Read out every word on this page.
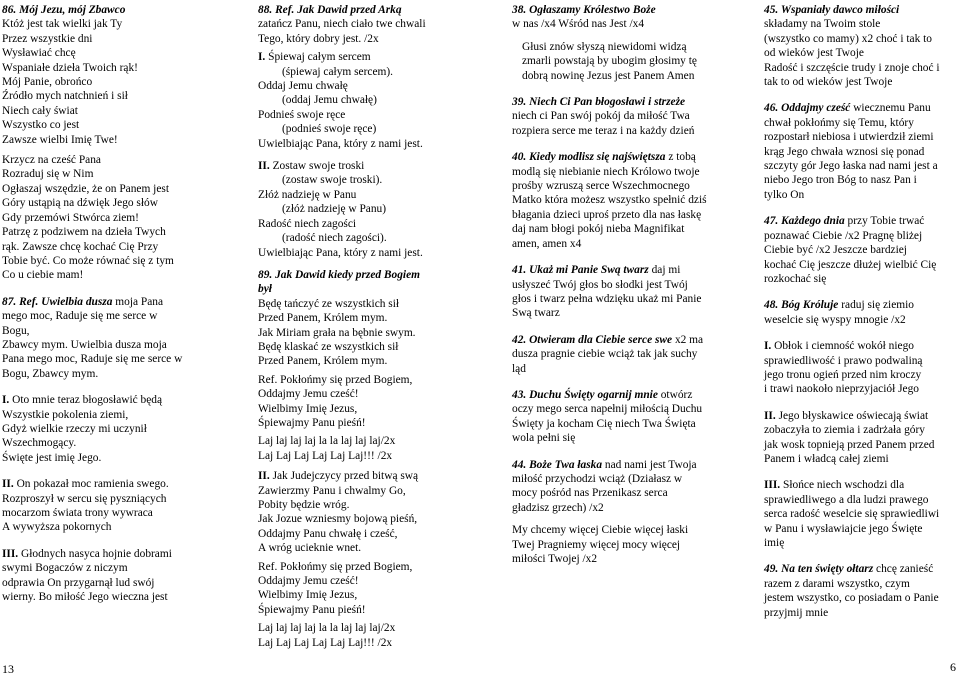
86. Mój Jezu, mój Zbawco
Któż jest tak wielki jak Ty
Przez wszystkie dni
Wysławiać chcę
Wspaniałe dzieła Twoich rąk!
Mój Panie, obrońco
Źródło mych natchnień i sił
Niech cały świat
Wszystko co jest
Zawsze wielbi Imię Twe!
Krzycz na cześć Pana
Rozraduj się w Nim
Ogłaszaj wszędzie, że on Panem jest
Góry ustąpią na dźwięk Jego słów
Gdy przemówi Stwórca ziem!
Patrzę z podziwem na dzieła Twych
rąk. Zawsze chcę kochać Cię Przy
Tobie być. Co może równać się z tym
Co u ciebie mam!

87. Ref. Uwielbia dusza moja Pana
mego moc, Raduje się me serce w
Bogu,
Zbawcy mym. Uwielbia dusza moja
Pana mego moc, Raduje się me serce w
Bogu, Zbawcy mym.

I. Oto mnie teraz błogosławić będą
Wszystkie pokolenia ziemi,
Gdyż wielkie rzeczy mi uczynił
Wszechmogący.
Święte jest imię Jego.

II. On pokazał moc ramienia swego.
Rozproszył w sercu się pyszniących
mocarzom świata trony wywraca
A wywyższa pokornych

III. Głodnych nasyca hojnie dobrami
swymi Bogaczów z niczym
odprawia On przygarnął lud swój
wierny. Bo miłość Jego wieczna jest

88. Ref. Jak Dawid przed Arką
zatańcz Panu, niech ciało twe chwali
Tego, który dobry jest. /2x

I. Śpiewaj całym sercem
(śpiewaj całym sercem).
Oddaj Jemu chwałę
(oddaj Jemu chwałę)
Podnieś swoje ręce
(podnieś swoje ręce)
Uwielbiając Pana, który z nami jest.

II. Zostaw swoje troski
(zostaw swoje troski).
Złóż nadzieję w Panu
(złóż nadzieję w Panu)
Radość niech zagości
(radość niech zagości).
Uwielbiając Pana, który z nami jest.

89. Jak Dawid kiedy przed Bogiem
był
Będę tańczyć ze wszystkich sił
Przed Panem, Królem mym.
Jak Miriam grała na bębnie swym.
Będę klaskać ze wszystkich sił
Przed Panem, Królem mym.
Ref. Pokłońmy się przed Bogiem,
Oddajmy Jemu cześć!
Wielbimy Imię Jezus,
Śpiewajmy Panu pieśń!
Laj laj laj laj la la laj laj laj/2x
Laj Laj Laj Laj Laj Laj!!! /2x

II. Jak Judejczycy przed bitwą swą
Zawierzmy Panu i chwalmy Go,
Pobity będzie wróg.
Jak Jozue wzniesmy bojową pieśń,
Oddajmy Panu chwałę i cześć,
A wróg ucieknie wnet.
Ref. Pokłońmy się przed Bogiem,
Oddajmy Jemu cześć!
Wielbimy Imię Jezus,
Śpiewajmy Panu pieśń!
Laj laj laj laj la la laj laj laj/2x
Laj Laj Laj Laj Laj Laj!!! /2x

38. Ogłaszamy Królestwo Boże
w nas /x4 Wśród nas Jest /x4
Głusi znów słyszą niewidomi widzą
zmarli powstają by ubogim głosimy tę
dobrą nowinę Jezus jest Panem Amen

39. Niech Ci Pan błogosławi i strzeże
niech ci Pan swój pokój da miłość Twa
rozpiera serce me teraz i na każdy dzień

40. Kiedy modlisz się najświętsza z tobą
modlą się niebianie niech Królowo twoje
prośby wzruszą serce Wszechmocnego
Matko która możesz wszystko spełnić dziś
błagania dzieci uproś przeto dla nas łaskę
daj nam błogi pokój nieba Magnifikat
amen, amen x4

41. Ukaż mi Panie Swą twarz daj mi
usłyszeć Twój głos bo słodki jest Twój
głos i twarz pełna wdzięku ukaż mi Panie
Swą twarz

42. Otwieram dla Ciebie serce swe x2 ma
dusza pragnie ciebie wciąż tak jak suchy
ląd

43. Duchu Święty ogarnij mnie otwórz
oczy mego serca napełnij miłością Duchu
Święty ja kocham Cię niech Twa Święta
wola pełni się

44. Boże Twa łaska nad nami jest Twoja
miłość przychodzi wciąż (Działasz w
mocy pośród nas Przenikasz serca
gładzisz grzech) /x2
My chcemy więcej Ciebie więcej łaski
Twej Pragniemy więcej mocy więcej
miłości Twojej /x2

45. Wspaniały dawco miłości
składamy na Twoim stole
(wszystko co mamy) x2 choć i tak to
od wieków jest Twoje
Radość i szczęście trudy i znoje choć i
tak to od wieków jest Twoje

46. Oddajmy cześć wiecznemu Panu
chwał pokłońmy się Temu, który
rozpostarł niebiosa i utwierdził ziemi
krąg Jego chwała wznosi się ponad
szczyty gór Jego łaska nad nami jest a
niebo Jego tron Bóg to nasz Pan i
tylko On

47. Każdego dnia przy Tobie trwać
poznawać Ciebie /x2 Pragnę bliżej
Ciebie być /x2 Jeszcze bardziej
kochać Cię jeszcze dłużej wielbić Cię
rozkochać się

48. Bóg Króluje raduj się ziemio
weselcie się wyspy mnogie /x2

I. Obłok i ciemność wokół niego
sprawiedliwość i prawo podwaliną
jego tronu ogień przed nim kroczy
i trawi naokoło nieprzyjaciół Jego

II. Jego błyskawice oświecają świat
zobaczyła to ziemia i zadrżała góry
jak wosk topnieją przed Panem przed
Panem i władcą całej ziemi

III. Słońce niech wschodzi dla
sprawiedliwego a dla ludzi prawego
serca radość weselcie się sprawiedliwi
w Panu i wysławiajcie jego Święte
imię

49. Na ten święty ołtarz chcę zanieść
razem z darami wszystko, czym
jestem wszystko, co posiadam o Panie
przyjmij mnie

13	6
